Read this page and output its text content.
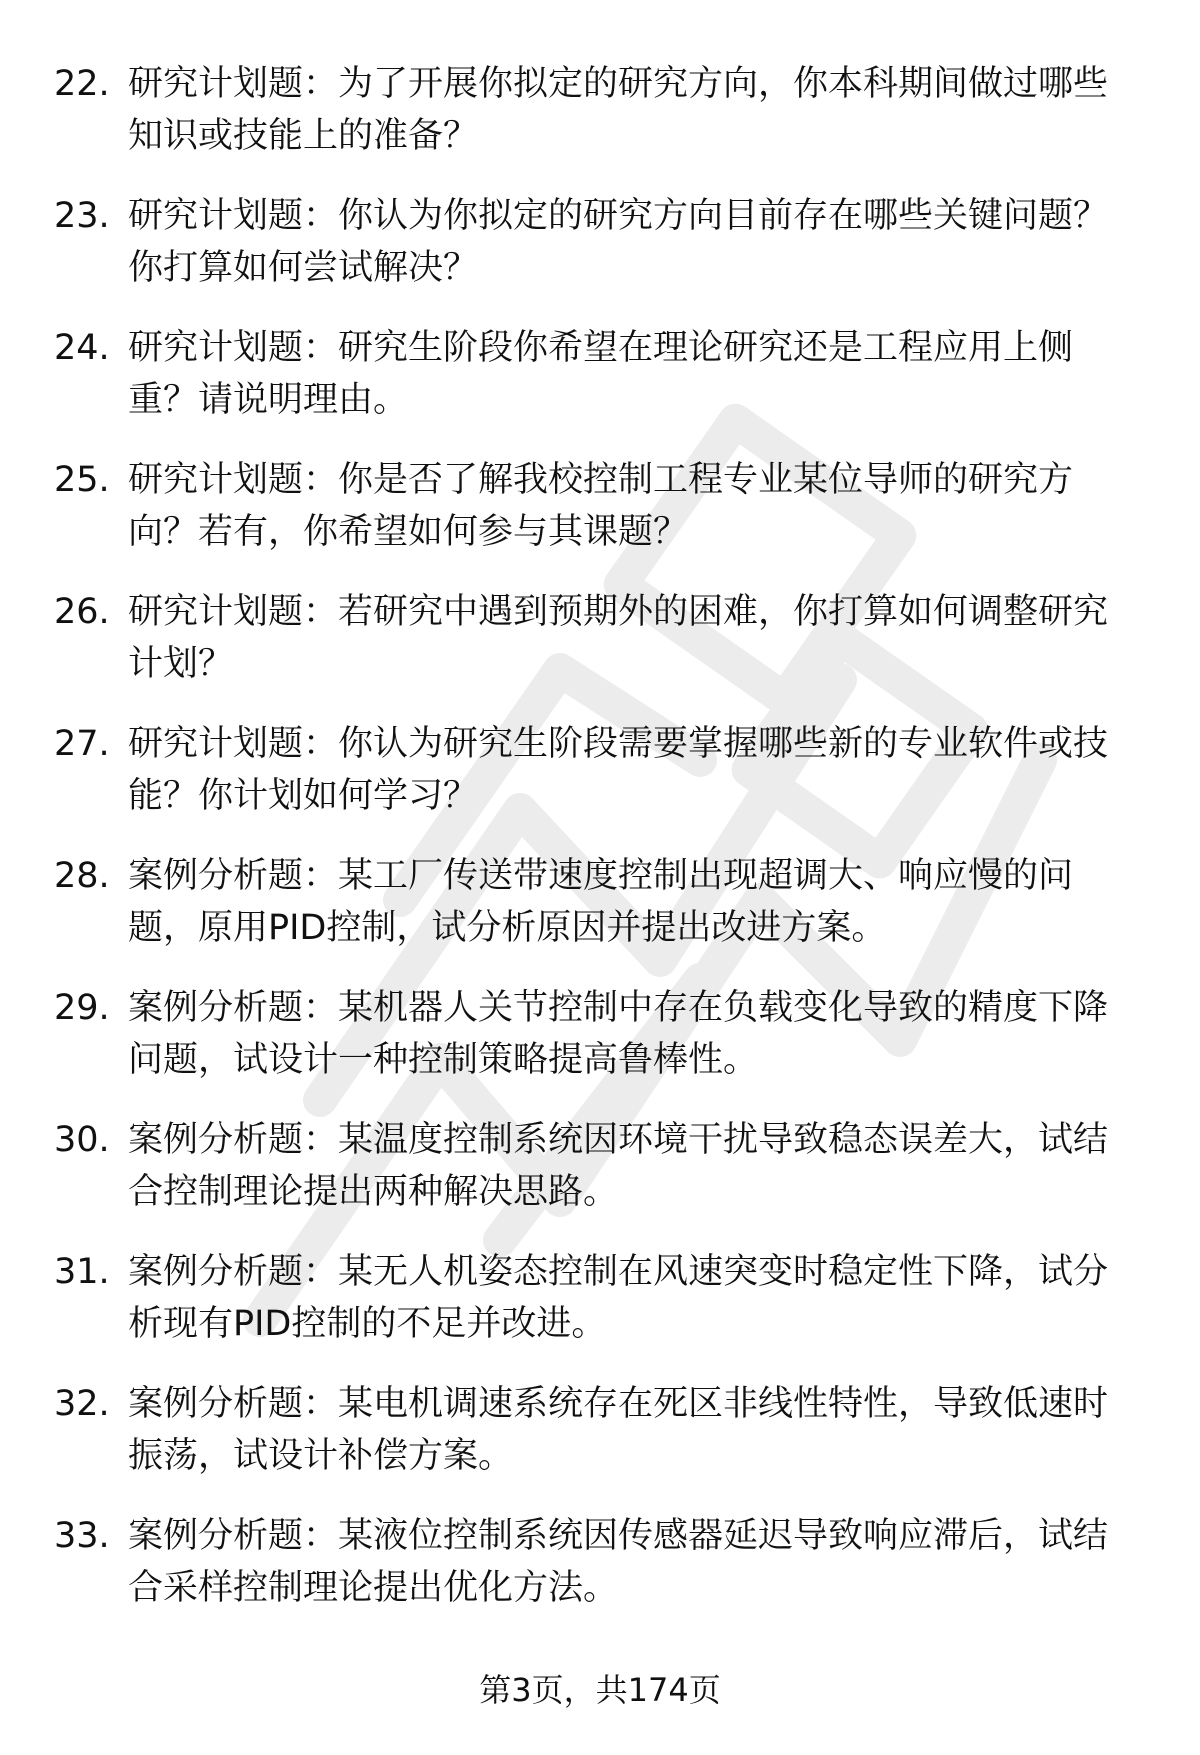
22. 研究计划题：为了开展你拟定的研究方向，你本科期间做过哪些
知识或技能上的准备？
23. 研究计划题：你认为你拟定的研究方向目前存在哪些关键问题？
你打算如何尝试解决？
24. 研究计划题：研究生阶段你希望在理论研究还是工程应用上侧
重？请说明理由。
25. 研究计划题：你是否了解我校控制工程专业某位导师的研究方
向？若有，你希望如何参与其课题？
26. 研究计划题：若研究中遇到预期外的困难，你打算如何调整研究
计划？
27. 研究计划题：你认为研究生阶段需要掌握哪些新的专业软件或技
能？你计划如何学习？
28. 案例分析题：某工厂传送带速度控制出现超调大、响应慢的问
题，原用PID控制，试分析原因并提出改进方案。
29. 案例分析题：某机器人关节控制中存在负载变化导致的精度下降
问题，试设计一种控制策略提高鲁棒性。
30. 案例分析题：某温度控制系统因环境干扰导致稳态误差大，试结
合控制理论提出两种解决思路。
31. 案例分析题：某无人机姿态控制在风速突变时稳定性下降，试分
析现有PID控制的不足并改进。
32. 案例分析题：某电机调速系统存在死区非线性特性，导致低速时
振荡，试设计补偿方案。
33. 案例分析题：某液位控制系统因传感器延迟导致响应滞后，试结
合采样控制理论提出优化方法。
第3页，共174页
